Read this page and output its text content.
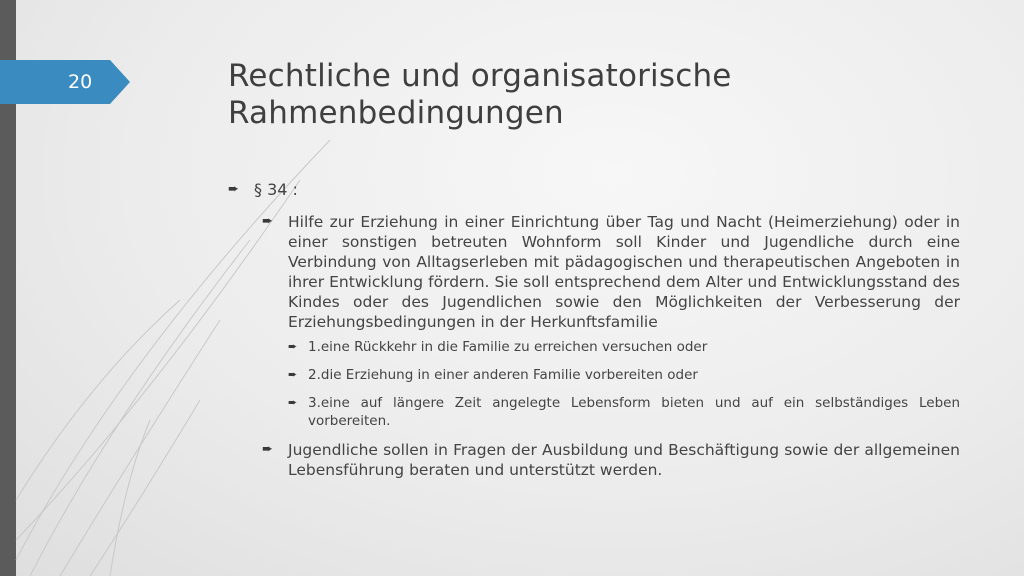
20	Rechtliche und organisatorische
Rahmenbedingungen
➨ § 34 :
➨ Hilfe zur Erziehung in einer Einrichtung über Tag und Nacht (Heimerziehung) oder in einer sonstigen betreuten Wohnform soll Kinder und Jugendliche durch eine Verbindung von Alltagserleben mit pädagogischen und therapeutischen Angeboten in ihrer Entwicklung fördern. Sie soll entsprechend dem Alter und Entwicklungsstand des Kindes oder des Jugendlichen sowie den Möglichkeiten der Verbesserung der Erziehungsbedingungen in der Herkunftsfamilie
➨ 1.eine Rückkehr in die Familie zu erreichen versuchen oder
➨ 2.die Erziehung in einer anderen Familie vorbereiten oder
➨ 3.eine auf längere Zeit angelegte Lebensform bieten und auf ein selbständiges Leben vorbereiten.
➨ Jugendliche sollen in Fragen der Ausbildung und Beschäftigung sowie der allgemeinen Lebensführung beraten und unterstützt werden.
